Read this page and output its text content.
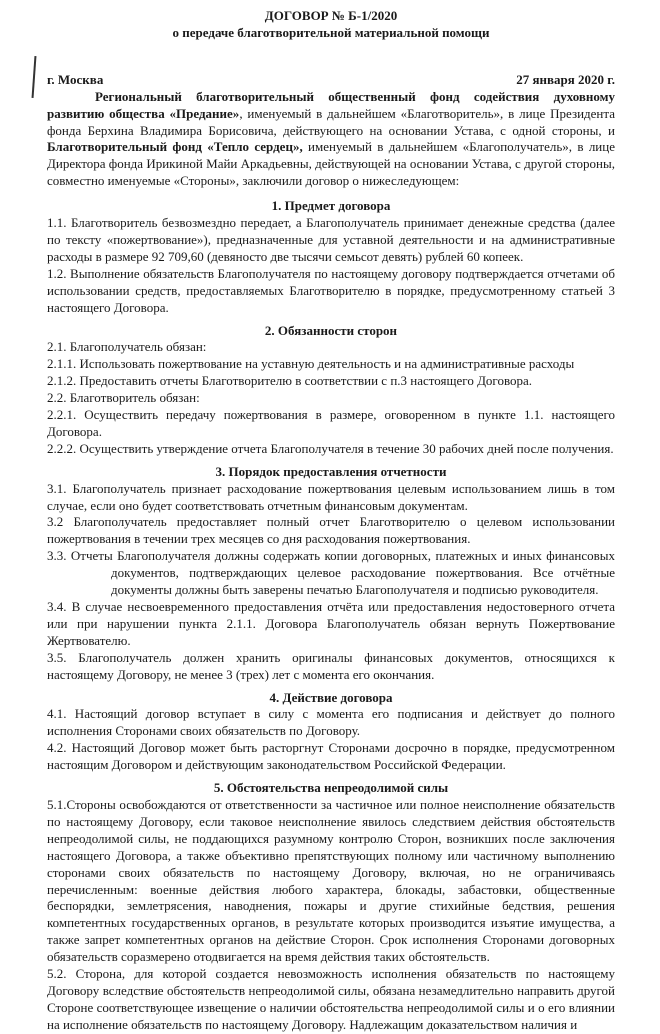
ДОГОВОР № Б-1/2020
о передаче благотворительной материальной помощи
г. Москва	27 января 2020 г.

Региональный благотворительный общественный фонд содействия духовному развитию общества «Предание», именуемый в дальнейшем «Благотворитель», в лице Президента фонда Берхина Владимира Борисовича, действующего на основании Устава, с одной стороны, и Благотворительный фонд «Тепло сердец», именуемый в дальнейшем «Благополучатель», в лице Директора фонда Ирикиной Майи Аркадьевны, действующей на основании Устава, с другой стороны, совместно именуемые «Стороны», заключили договор о нижеследующем:

1. Предмет договора

1.1. Благотворитель безвозмездно передает, а Благополучатель принимает денежные средства (далее по тексту «пожертвование»), предназначенные для уставной деятельности и на административные расходы в размере 92 709,60 (девяносто две тысячи семьсот девять) рублей 60 копеек.

1.2. Выполнение обязательств Благополучателя по настоящему договору подтверждается отчетами об использовании средств, предоставляемых Благотворителю в порядке, предусмотренному статьей 3 настоящего Договора.

2. Обязанности сторон

2.1. Благополучатель обязан:

2.1.1. Использовать пожертвование на уставную деятельность и на административные расходы

2.1.2. Предоставить отчеты Благотворителю в соответствии с п.3 настоящего Договора.

2.2. Благотворитель обязан:

2.2.1. Осуществить передачу пожертвования в размере, оговоренном в пункте 1.1. настоящего Договора.

2.2.2. Осуществить утверждение отчета Благополучателя в течение 30 рабочих дней после получения.

3. Порядок предоставления отчетности

3.1. Благополучатель признает расходование пожертвования целевым использованием лишь в том случае, если оно будет соответствовать отчетным финансовым документам.

3.2 Благополучатель предоставляет полный отчет Благотворителю о целевом использовании пожертвования в течении трех месяцев со дня расходования пожертвования.

3.3. Отчеты Благополучателя должны содержать копии договорных, платежных и иных финансовых документов, подтверждающих целевое расходование пожертвования. Все отчётные документы должны быть заверены печатью Благополучателя и подписью руководителя.

3.4. В случае несвоевременного предоставления отчёта или предоставления недостоверного отчета или при нарушении пункта 2.1.1. Договора Благополучатель обязан вернуть Пожертвование Жертвователю.

3.5. Благополучатель должен хранить оригиналы финансовых документов, относящихся к настоящему Договору, не менее 3 (трех) лет с момента его окончания.

4. Действие договора

4.1. Настоящий договор вступает в силу с момента его подписания и действует до полного исполнения Сторонами своих обязательств по Договору.

4.2. Настоящий Договор может быть расторгнут Сторонами досрочно в порядке, предусмотренном настоящим Договором и действующим законодательством Российской Федерации.

5. Обстоятельства непреодолимой силы

5.1.Стороны освобождаются от ответственности за частичное или полное неисполнение обязательств по настоящему Договору, если таковое неисполнение явилось следствием действия обстоятельств непреодолимой силы, не поддающихся разумному контролю Сторон, возникших после заключения настоящего Договора, а также объективно препятствующих полному или частичному выполнению сторонами своих обязательств по настоящему Договору, включая, но не ограничиваясь перечисленным: военные действия любого характера, блокады, забастовки, общественные беспорядки, землетрясения, наводнения, пожары и другие стихийные бедствия, решения компетентных государственных органов, в результате которых производится изъятие имущества, а также запрет компетентных органов на действие Сторон. Срок исполнения Сторонами договорных обязательств соразмерено отодвигается на время действия таких обстоятельств.

5.2. Сторона, для которой создается невозможность исполнения обязательств по настоящему Договору вследствие обстоятельств непреодолимой силы, обязана незамедлительно направить другой Стороне соответствующее извещение о наличии обстоятельства непреодолимой силы и о его влиянии на исполнение обязательств по настоящему Договору. Надлежащим доказательством наличия и
